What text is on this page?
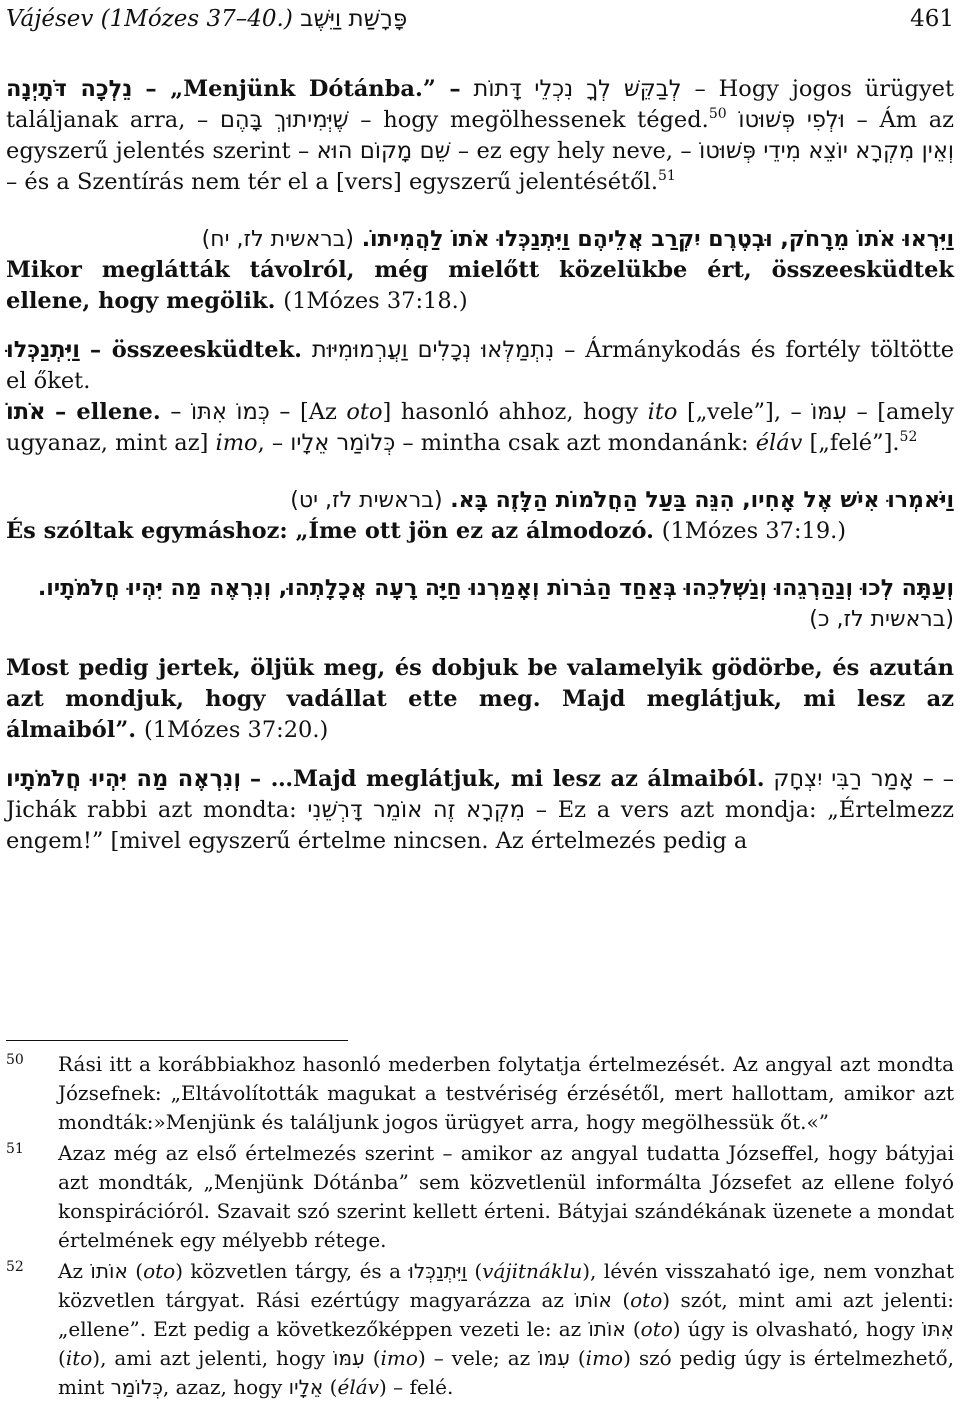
Vájésev (1Mózes 37–40.) פָּרָשַׁת וַיֵּשֶׁב	461

נֵלְכָה דֹּתָיְנָה – „Menjünk Dótánba.” – לְבַקֵּשׁ לְךָ נִכְלֵי דָּתוֹת – Hogy jogos ürügyet találjanak arra, – שֶׁיְּמִיתוּךְ בָּהֶם – hogy megölhessenek téged.$^{50}$ וּלְפִי פְּשׁוּטוֹ – Ám az egyszerű jelentés szerint – שֵׁם מָקוֹם הוּא – ez egy hely neve, – וְאֵין מִקְרָא יוֹצֵא מִידֵי פְּשׁוּטוֹ – és a Szentírás nem tér el a [vers] egyszerű jelentésétől.$^{51}$

וַיִּרְאוּ אֹתוֹ מֵרָחֹק, וּבְטֶרֶם יִקְרַב אֲלֵיהֶם וַיִּתְנַכְּלוּ אֹתוֹ לַהֲמִיתוֹ. (בראשית לז, יח)

Mikor meglátták távolról, még mielőtt közelükbe ért, összeesküdtek ellene, hogy megölik. (1Mózes 37:18.)

וַיִּתְנַכְּלוּ – összeesküdtek. נִתְמַלְּאוּ נְכָלִים וַעֲרְמוּמִיּוּת – Ármánykodás és fortély töltötte el őket.

אֹתוֹ – ellene. – כְּמוֹ אִתּוֹ – [Az oto] hasonló ahhoz, hogy ito [„vele”], – עִמּוֹ – [amely ugyanaz, mint az] imo, – כְּלוֹמַר אֵלָיו – mintha csak azt mondanánk: éláv [„felé”].$^{52}$

וַיֹּאמְרוּ אִישׁ אֶל אָחִיו, הִנֵּה בַּעַל הַחֲלֹמוֹת הַלָּזֶה בָּא. (בראשית לז, יט)

És szóltak egymáshoz: „Íme ott jön ez az álmodozó. (1Mózes 37:19.)

וְעַתָּה לְכוּ וְנַהַרְגֵהוּ וְנַשְׁלִכֵהוּ בְּאַחַד הַבֹּרוֹת וְאָמַרְנוּ חַיָּה רָעָה אֲכָלָתְהוּ, וְנִרְאֶה מַה יִּהְיוּ חֲלֹמֹתָיו. (בראשית לז, כ)

Most pedig jertek, öljük meg, és dobjuk be valamelyik gödörbe, és azután azt mondjuk, hogy vadállat ette meg. Majd meglátjuk, mi lesz az álmaiból”. (1Mózes 37:20.)

וְנִרְאֶה מַה יִּהְיוּ חֲלֹמֹתָיו – …Majd meglátjuk, mi lesz az álmaiból. – אָמַר רַבִּי יִצְחָק – Jichák rabbi azt mondta: מִקְרָא זֶה אוֹמֵר דָּרְשֵׁנִי – Ez a vers azt mondja: „Értelmezz engem!” [mivel egyszerű értelme nincsen. Az értelmezés pedig a

50 Rási itt a korábbiakhoz hasonló mederben folytatja értelmezését. Az angyal azt mondta Józsefnek: „Eltávolították magukat a testvériség érzésétől, mert hallottam, amikor azt mondták:»Menjünk és találjunk jogos ürügyet arra, hogy megölhessük őt.«”

51 Azaz még az első értelmezés szerint – amikor az angyal tudatta Józseffel, hogy bátyjai azt mondták, „Menjünk Dótánba” sem közvetlenül informálta Józsefet az ellene folyó konspirációról. Szavait szó szerint kellett érteni. Bátyjai szándékának üzenete a mondat értelmének egy mélyebb rétege.

52 Az אוֹתוֹ (oto) közvetlen tárgy, és a וַיִּתְנַכְּלוּ (vájitnáklu), lévén visszaható ige, nem vonzhat közvetlen tárgyat. Rási ezértúgy magyarázza az אוֹתוֹ (oto) szót, mint ami azt jelenti: „ellene”. Ezt pedig a következőképpen vezeti le: az אוֹתוֹ (oto) úgy is olvasható, hogy אִתּוֹ (ito), ami azt jelenti, hogy עִמּוֹ (imo) – vele; az עִמּוֹ (imo) szó pedig úgy is értelmezhető, mint כְּלוֹמַר, azaz, hogy אֵלָיו (éláv) – felé.
